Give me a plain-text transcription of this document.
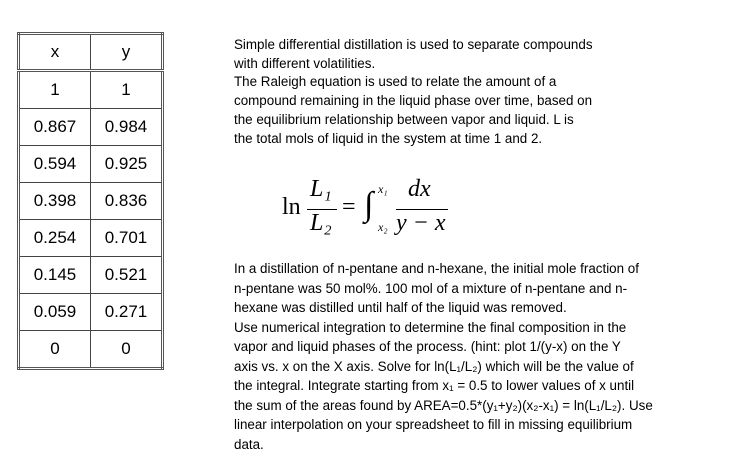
x	y
1	1
0.867	0.984
0.594	0.925
0.398	0.836
0.254	0.701
0.145	0.521
0.059	0.271
0	0
Simple differential distillation is used to separate compounds
with different volatilities.
The Raleigh equation is used to relate the amount of a
compound remaining in the liquid phase over time, based on
the equilibrium relationship between vapor and liquid. L is
the total mols of liquid in the system at time 1 and 2.
ln
L₁
L₂
= ∫ x₁
x₂
dx
y − x
In a distillation of n-pentane and n-hexane, the initial mole fraction of
n-pentane was 50 mol%. 100 mol of a mixture of n-pentane and n-
hexane was distilled until half of the liquid was removed.
Use numerical integration to determine the final composition in the
vapor and liquid phases of the process. (hint: plot 1/(y-x) on the Y
axis vs. x on the X axis. Solve for ln(L₁/L₂) which will be the value of
the integral. Integrate starting from x₁ = 0.5 to lower values of x until
the sum of the areas found by AREA=0.5*(y₁+y₂)(x₂-x₁) = ln(L₁/L₂). Use
linear interpolation on your spreadsheet to fill in missing equilibrium
data.
